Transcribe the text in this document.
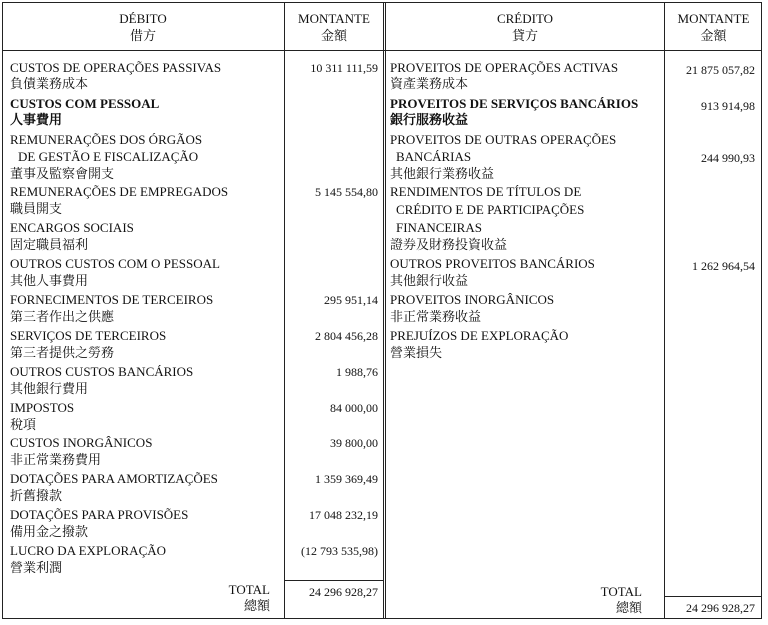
DÉBITO
借方
MONTANTE
金額
CRÉDITO
貸方
MONTANTE
金額
CUSTOS DE OPERAÇÕES PASSIVAS
負債業務成本
10 311 111,59
CUSTOS COM PESSOAL
人事費用
REMUNERAÇÕES DOS ÓRGÃOS
DE GESTÃO E FISCALIZAÇÃO
董事及監察會開支
REMUNERAÇÕES DE EMPREGADOS
職員開支
5 145 554,80
ENCARGOS SOCIAIS
固定職員福利
OUTROS CUSTOS COM O PESSOAL
其他人事費用
FORNECIMENTOS DE TERCEIROS
第三者作出之供應
295 951,14
SERVIÇOS DE TERCEIROS
第三者提供之勞務
2 804 456,28
OUTROS CUSTOS BANCÁRIOS
其他銀行費用
1 988,76
IMPOSTOS
稅項
84 000,00
CUSTOS INORGÂNICOS
非正常業務費用
39 800,00
DOTAÇÕES PARA AMORTIZAÇÕES
折舊撥款
1 359 369,49
DOTAÇÕES PARA PROVISÕES
備用金之撥款
17 048 232,19
LUCRO DA EXPLORAÇÃO
營業利潤
(12 793 535,98)
TOTAL
總額
24 296 928,27
PROVEITOS DE OPERAÇÕES ACTIVAS
資產業務成本
21 875 057,82
PROVEITOS DE SERVIÇOS BANCÁRIOS
銀行服務收益
913 914,98
PROVEITOS DE OUTRAS OPERAÇÕES
BANCÁRIAS
其他銀行業務收益
244 990,93
RENDIMENTOS DE TÍTULOS DE
CRÉDITO E DE PARTICIPAÇÕES
FINANCEIRAS
證券及財務投資收益
OUTROS PROVEITOS BANCÁRIOS
其他銀行收益
1 262 964,54
PROVEITOS INORGÂNICOS
非正常業務收益
PREJUÍZOS DE EXPLORAÇÃO
營業損失
TOTAL
總額	24 296 928,27
